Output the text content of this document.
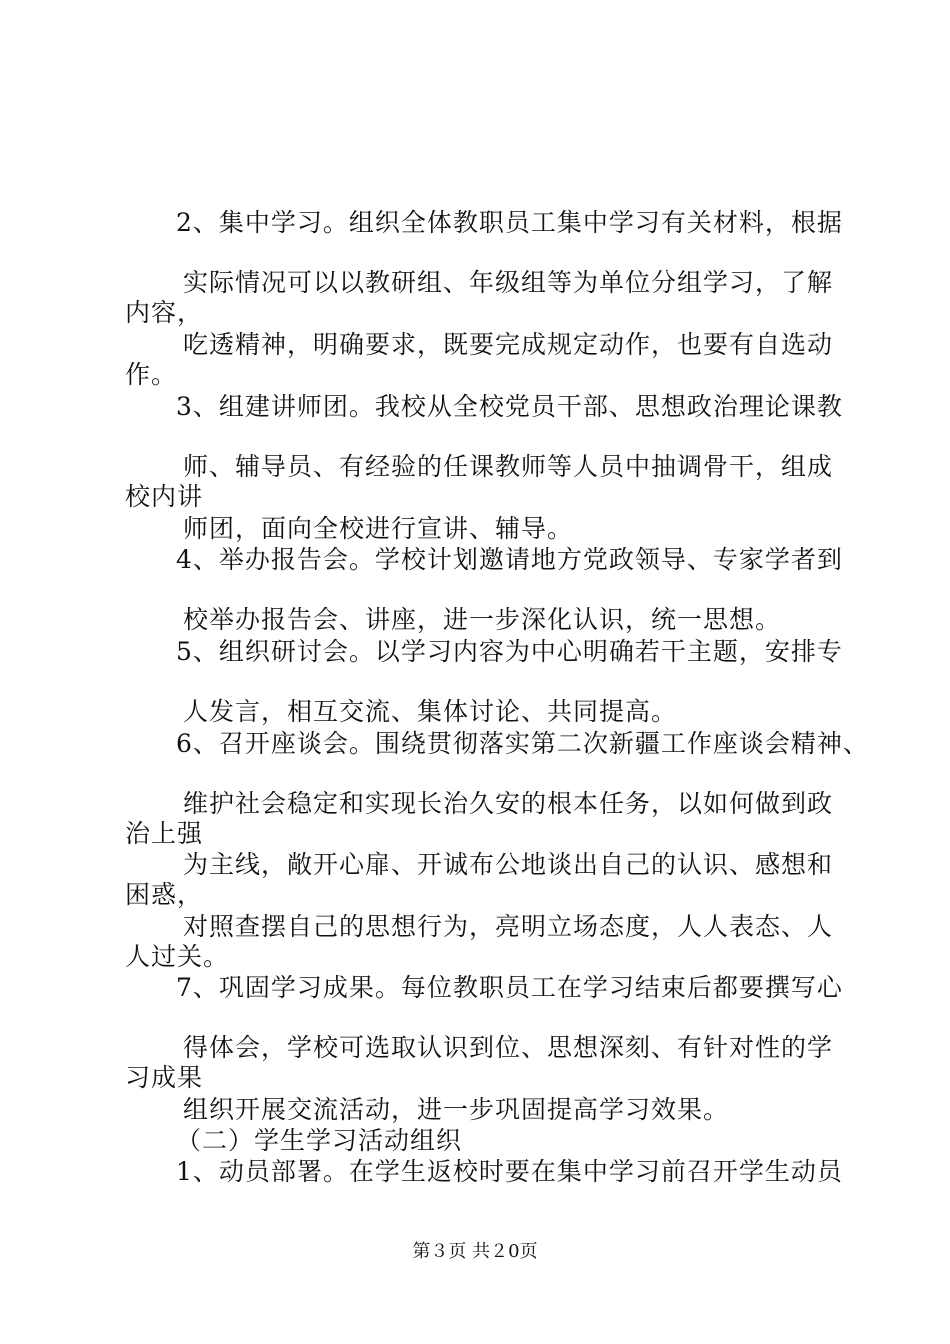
2、集中学习。组织全体教职员工集中学习有关材料，根据
实际情况可以以教研组、年级组等为单位分组学习，了解
内容，
吃透精神，明确要求，既要完成规定动作，也要有自选动
作。
3、组建讲师团。我校从全校党员干部、思想政治理论课教
师、辅导员、有经验的任课教师等人员中抽调骨干，组成
校内讲
师团，面向全校进行宣讲、辅导。
4、举办报告会。学校计划邀请地方党政领导、专家学者到
校举办报告会、讲座，进一步深化认识，统一思想。
5、组织研讨会。以学习内容为中心明确若干主题，安排专
人发言，相互交流、集体讨论、共同提高。
6、召开座谈会。围绕贯彻落实第二次新疆工作座谈会精神、
维护社会稳定和实现长治久安的根本任务，以如何做到政
治上强
为主线，敞开心扉、开诚布公地谈出自己的认识、感想和
困惑，
对照查摆自己的思想行为，亮明立场态度，人人表态、人
人过关。
7、巩固学习成果。每位教职员工在学习结束后都要撰写心
得体会，学校可选取认识到位、思想深刻、有针对性的学
习成果
组织开展交流活动，进一步巩固提高学习效果。
（二）学生学习活动组织
1、动员部署。在学生返校时要在集中学习前召开学生动员
第３页 共２0页
